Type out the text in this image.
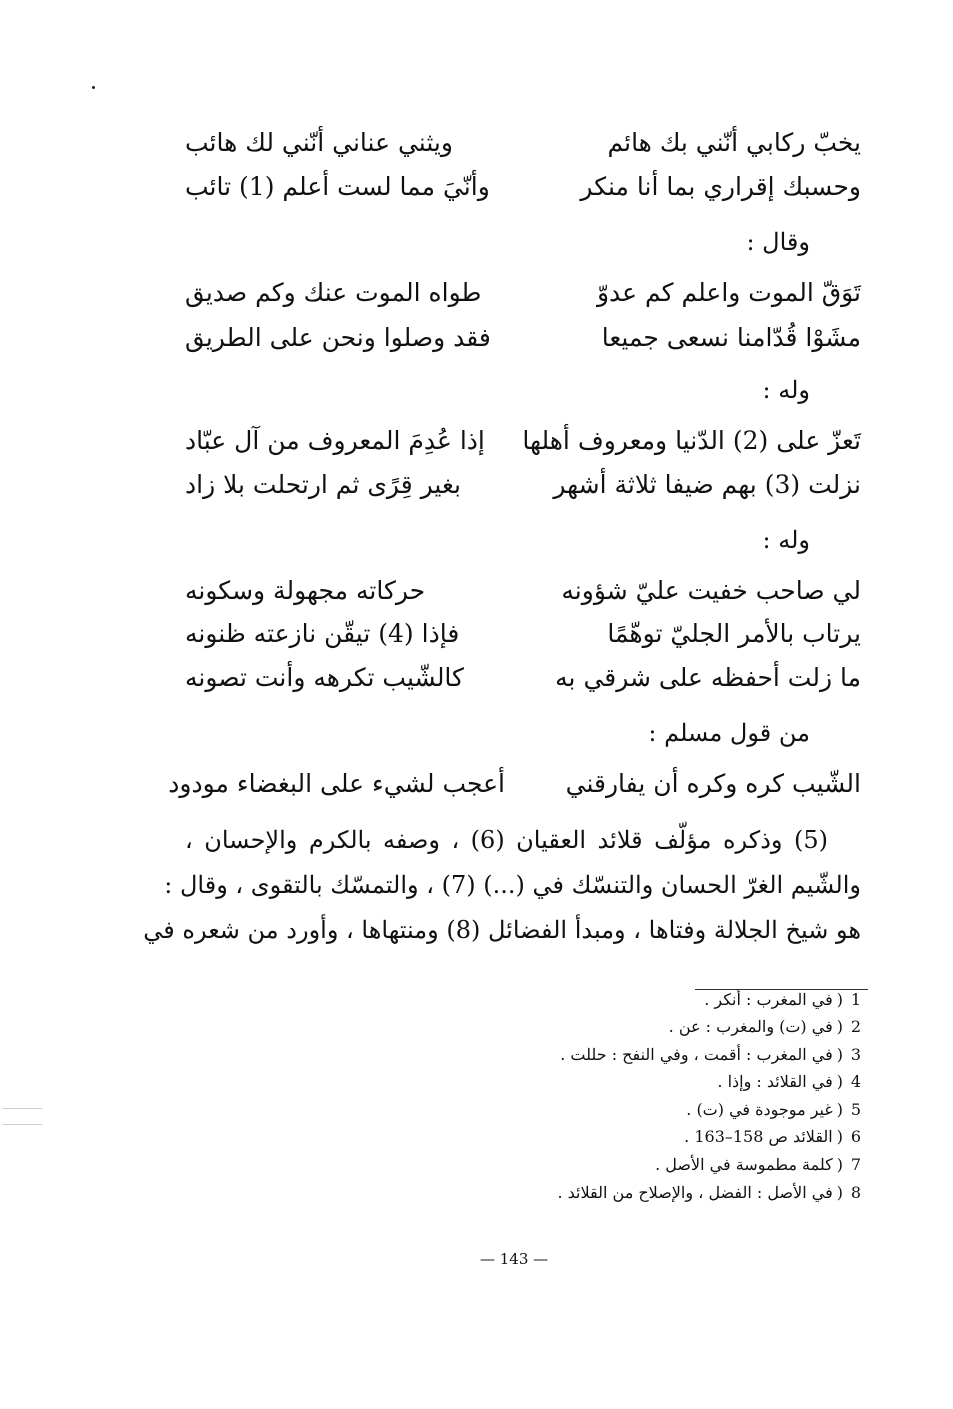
يخبّ ركابي أنّني بك هائم
ويثني عناني أنّني لك هائب
وحسبك إقراري بما أنا منكر
وأنّيَ مما لست أعلم (1) تائب
وقال :
تَوَقّ الموت واعلم كم عدوّ
طواه الموت عنك وكم صديق
مشَوْا قُدّامنا نسعى جميعا
فقد وصلوا ونحن على الطريق
وله :
تَعزّ على (2) الدّنيا ومعروف أهلها
إذا عُدِمَ المعروف من آل عبّاد
نزلت (3) بهم ضيفا ثلاثة أشهر
بغير قِرًى ثم ارتحلت بلا زاد
وله :
لي صاحب خفيت عليّ شؤونه
حركاته مجهولة وسكونه
يرتاب بالأمر الجليّ توهّمًا
فإذا (4) تيقّن نازعته ظنونه
ما زلت أحفظه على شرقي به
كالشّيب تكرهه وأنت تصونه
من قول مسلم :
الشّيب كره وكره أن يفارقني
أعجب لشيء على البغضاء مودود
(5) وذكره مؤلّف قلائد العقيان (6) ، وصفه بالكرم والإحسان ،
والشّيم الغرّ الحسان والتنسّك في (...) (7) ، والتمسّك بالتقوى ، وقال :
هو شيخ الجلالة وفتاها ، ومبدأ الفضائل (8) ومنتهاها ، وأورد من شعره في
1(في المغرب : أنكر .
2(في (ت) والمغرب : عن .
3(في المغرب : أقمت ، وفي النفح : حللت .
4(في القلائد : وإذا .
5(غير موجودة في (ت) .
6(القلائد ص 158–163 .
7(كلمة مطموسة في الأصل .
8(في الأصل : الفضل ، والإصلاح من القلائد .
— 143 —
